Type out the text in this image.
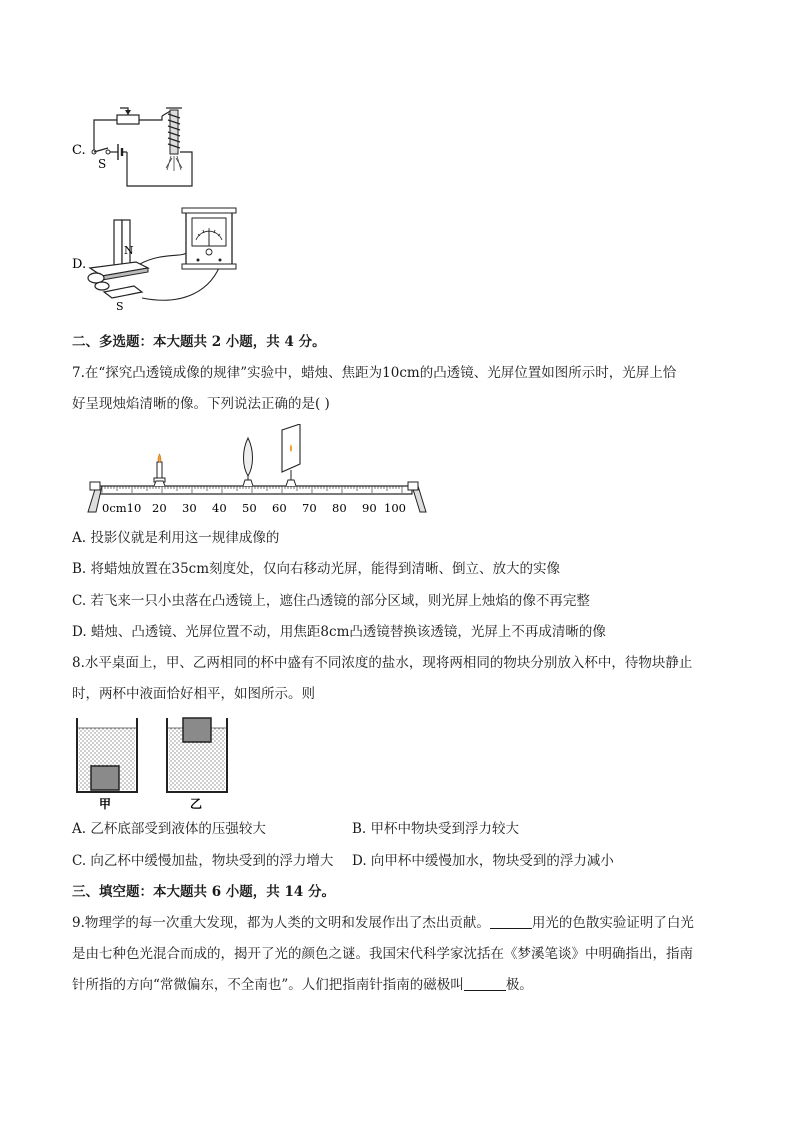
C.
S
D.
N
S
二、多选题：本大题共 2 小题，共 4 分。
7.在“探究凸透镜成像的规律”实验中，蜡烛、焦距为10cm的凸透镜、光屏位置如图所示时，光屏上恰
好呈现烛焰清晰的像。下列说法正确的是( )
0cm10 20 30 40 50 60 70 80 90 100
A. 投影仪就是利用这一规律成像的
B. 将蜡烛放置在35cm刻度处，仅向右移动光屏，能得到清晰、倒立、放大的实像
C. 若飞来一只小虫落在凸透镜上，遮住凸透镜的部分区域，则光屏上烛焰的像不再完整
D. 蜡烛、凸透镜、光屏位置不动，用焦距8cm凸透镜替换该透镜，光屏上不再成清晰的像
8.水平桌面上，甲、乙两相同的杯中盛有不同浓度的盐水，现将两相同的物块分别放入杯中，待物块静止
时，两杯中液面恰好相平，如图所示。则
甲	乙
A. 乙杯底部受到液体的压强较大	B. 甲杯中物块受到浮力较大
C. 向乙杯中缓慢加盐，物块受到的浮力增大 D. 向甲杯中缓慢加水，物块受到的浮力减小
三、填空题：本大题共 6 小题，共 14 分。
9.物理学的每一次重大发现，都为人类的文明和发展作出了杰出贡献。	用光的色散实验证明了白光
是由七种色光混合而成的，揭开了光的颜色之谜。我国宋代科学家沈括在《梦溪笔谈》中明确指出，指南
针所指的方向“常微偏东，不全南也”。人们把指南针指南的磁极叫	极。
